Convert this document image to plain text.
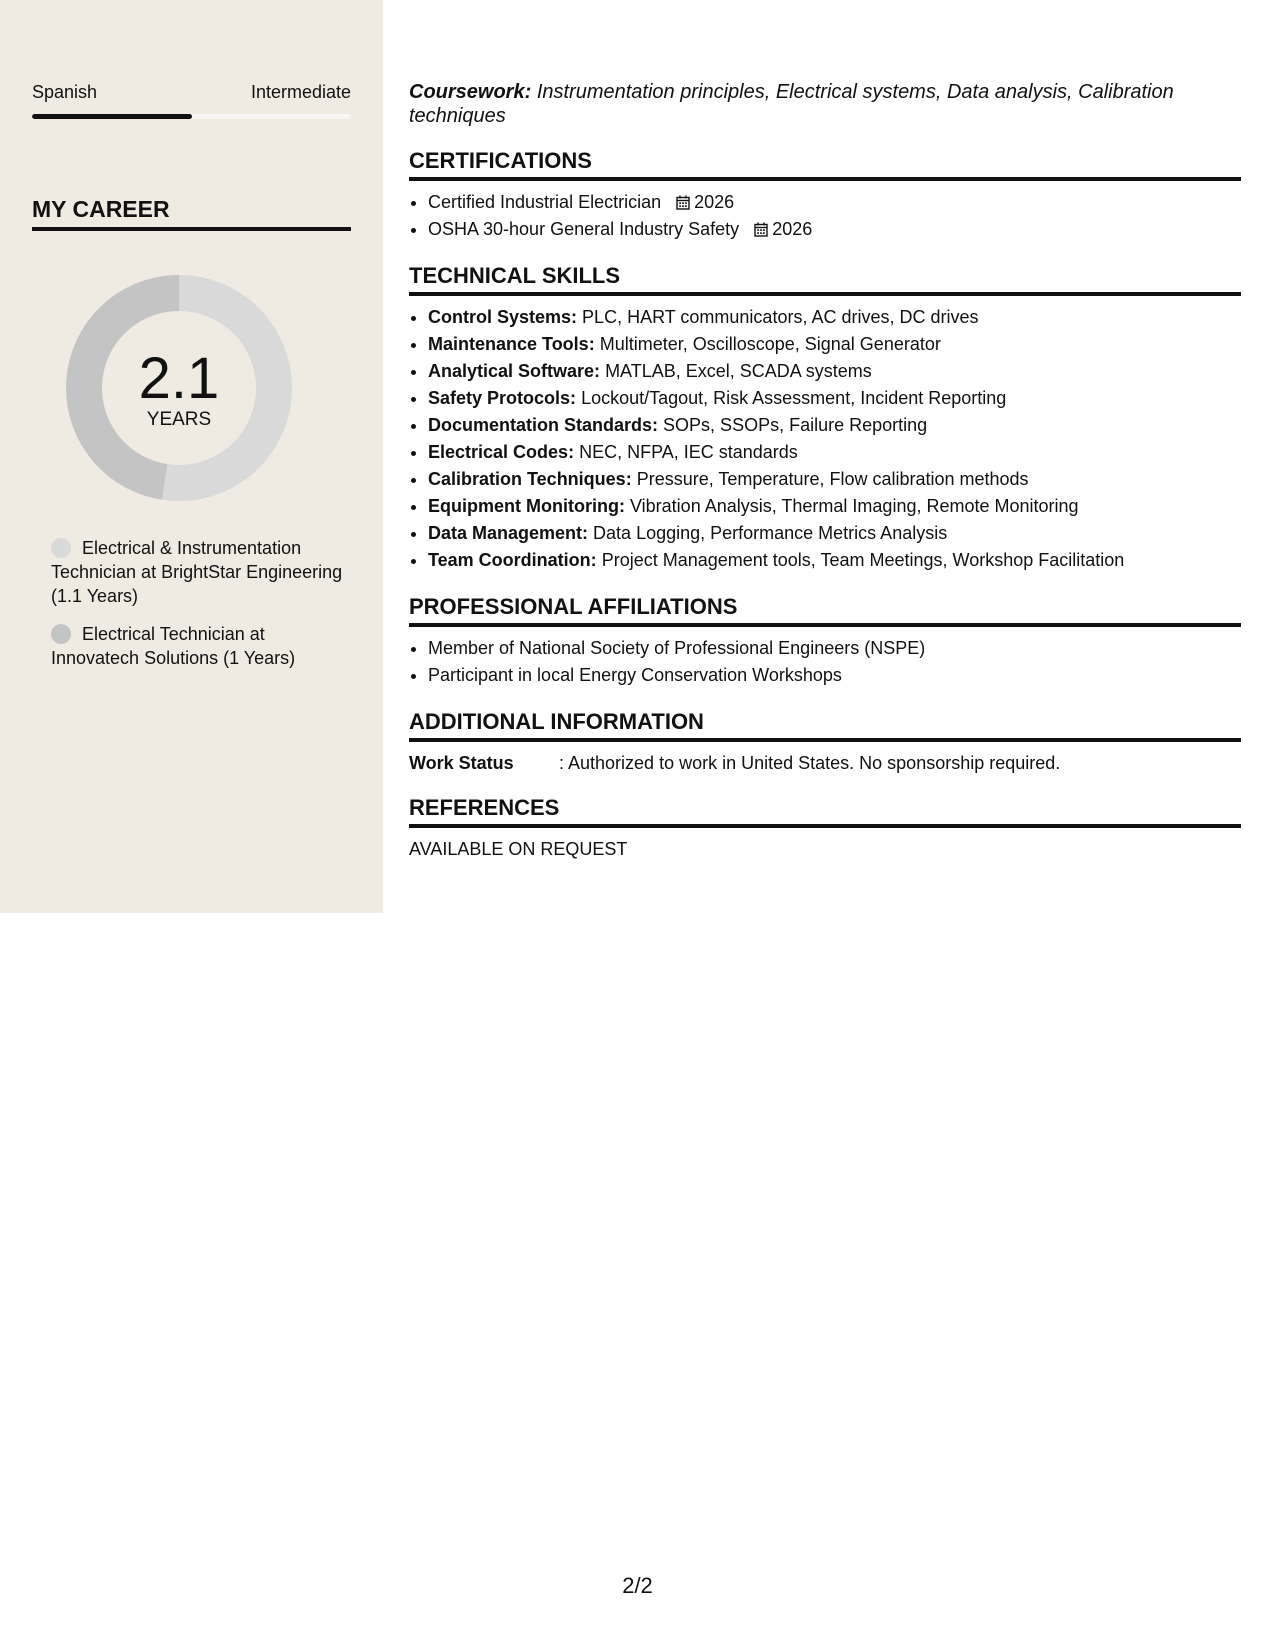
Spanish	Intermediate
MY CAREER
2.1
YEARS
Electrical & Instrumentation Technician at BrightStar Engineering (1.1 Years)
Electrical Technician at Innovatech Solutions (1 Years)

Coursework: Instrumentation principles, Electrical systems, Data analysis, Calibration techniques

CERTIFICATIONS
• Certified Industrial Electrician 2026
• OSHA 30-hour General Industry Safety 2026
TECHNICAL SKILLS
• Control Systems: PLC, HART communicators, AC drives, DC drives
• Maintenance Tools: Multimeter, Oscilloscope, Signal Generator
• Analytical Software: MATLAB, Excel, SCADA systems
• Safety Protocols: Lockout/Tagout, Risk Assessment, Incident Reporting
• Documentation Standards: SOPs, SSOPs, Failure Reporting
• Electrical Codes: NEC, NFPA, IEC standards
• Calibration Techniques: Pressure, Temperature, Flow calibration methods
• Equipment Monitoring: Vibration Analysis, Thermal Imaging, Remote Monitoring
• Data Management: Data Logging, Performance Metrics Analysis
• Team Coordination: Project Management tools, Team Meetings, Workshop Facilitation
PROFESSIONAL AFFILIATIONS
• Member of National Society of Professional Engineers (NSPE)
• Participant in local Energy Conservation Workshops
ADDITIONAL INFORMATION
Work Status	: Authorized to work in United States. No sponsorship required.
REFERENCES
AVAILABLE ON REQUEST
2/2
